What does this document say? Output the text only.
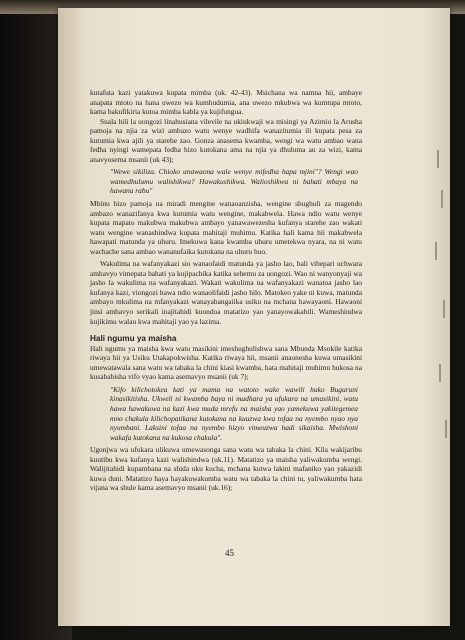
kutafuta kazi yatakuwa kupata mimba (uk. 42-43). Msichana wa namna hii, ambaye anapata mtoto na hana uwezo wa kumhudumia, ana uwezo mkubwa wa kumtupa mtoto, kama bakufikiria kutoa mimba kabla ya kujifungua.

Suala hili la uongozi linahusiana vilevile na ukiukwaji wa misingi ya Azimio la Arusha pamoja na njia za wizi ambazo watu wenye wadhifa wanazitumia ili kupata pesa za kutumia kwa ajili ya starehe zao. Gonza anasema kwamba, wengi wa watu ambao wana fedha nyingi wamepata fedha hizo kutokana ama na njia ya dhuluma au za wizi, kama anavyosema msanii (uk 43);

"Wewe sikiliza. Chioko unawaona wale wenye mifedha hapa mjini"? Wengi wao wamedhulumu walishikwa? Hawakushikwa. Walioshikwa ni bahati mbaya na hawana rabu"

Mbinu hizo pamoja na miradi mengine wanaoanzisha, wengine shughuli za magendo ambazo wanazifanya kwa kutumia watu wengine, makabwela. Hawa ndio watu wenye kupata mapato makubwa makubwa ambayo yanawawezesha kufanya starehe zao wakati watu wengine wanashindwa kupata mahitaji muhimu. Katika hali kama hii makabwela hawapati matunda ya uhuru. Imekuwa kana kwamba uhuru umetekwa nyara, na ni watu wachache sana ambao wananufaika kutokana na uhuru huo.

Wakulima na wafanyakazi sio wanaofaidi matunda ya jasho lao, bali vibepari uchwara ambavyo vimepata bahati ya kujipachika katika sehemu za uongozi. Wao ni wanyonyaji wa jasho la wakulima na wafanyakazi. Wakati wakulima na wafanyakazi wanatoa jasho lao kufanya kazi, viongozi hawa ndio wanaolifaidi jasho hilo. Matokeo yake ni kuwa, matunda ambayo mkulima na mfanyakazi wanayabangaiika usiku na mchana hawayaoni. Hawaoni jinsi ambavyo serikali inajitahidi kuondoa matatizo yao yanayowakabili. Wameshindwa kujikimu walau kwa mahitaji yao ya lazima.

Hali ngumu ya maisha

Hali ngumu ya maisha kwa watu masikini imeshughulishwa sana Mbunda Msokile katika riwaya hii ya Usiku Utakapokwisha. Katika riwaya hii, msanii anaonesha kuwa umasikini umewatawala sana watu wa tabaka la chini kiasi kwamba, hata mahitaji muhimu hukosa na kusababisha vifo vyao kama asemavyo msanii (uk 7);

"Kifo kilichotokea kati ya mama na watoto wake wawili huko Buguruni kinasikitisha. Ukweli ni kwamba baya ni madhara ya ufukara na umasikini, watu hawa hawakuwa na kazi kwa muda mrefu na maisha yao yamekuwa yakitegemea mno chakula kilichopatikana kutokana na kuuzwa kwa tofaa na nyembo nyao nya nyumbani. Laksini tofaa na nyembo hizyo vimeuzwa hadi sikaisha. Mwishoni wakafa kutokana na kukosa chakula".

Ugonjwa wa ufukara ulikuwa umewasonga sana watu wa tabaka la chini. Kila wakijaribu kuutibu kwa kufanya kazi walishindwa (uk.11). Matatizo ya maisha yaliwakumba wengi. Walijitahidi kupambana na shida uku kucha, mchana kutwa lakini mafaniko yao yakazidi kuwa duni. Matatizo haya hayakuwakumba watu wa tabaka la chini tu, yaliwakumba hata vijana wa shule kama asemavyo msanii (uk.16);

45
